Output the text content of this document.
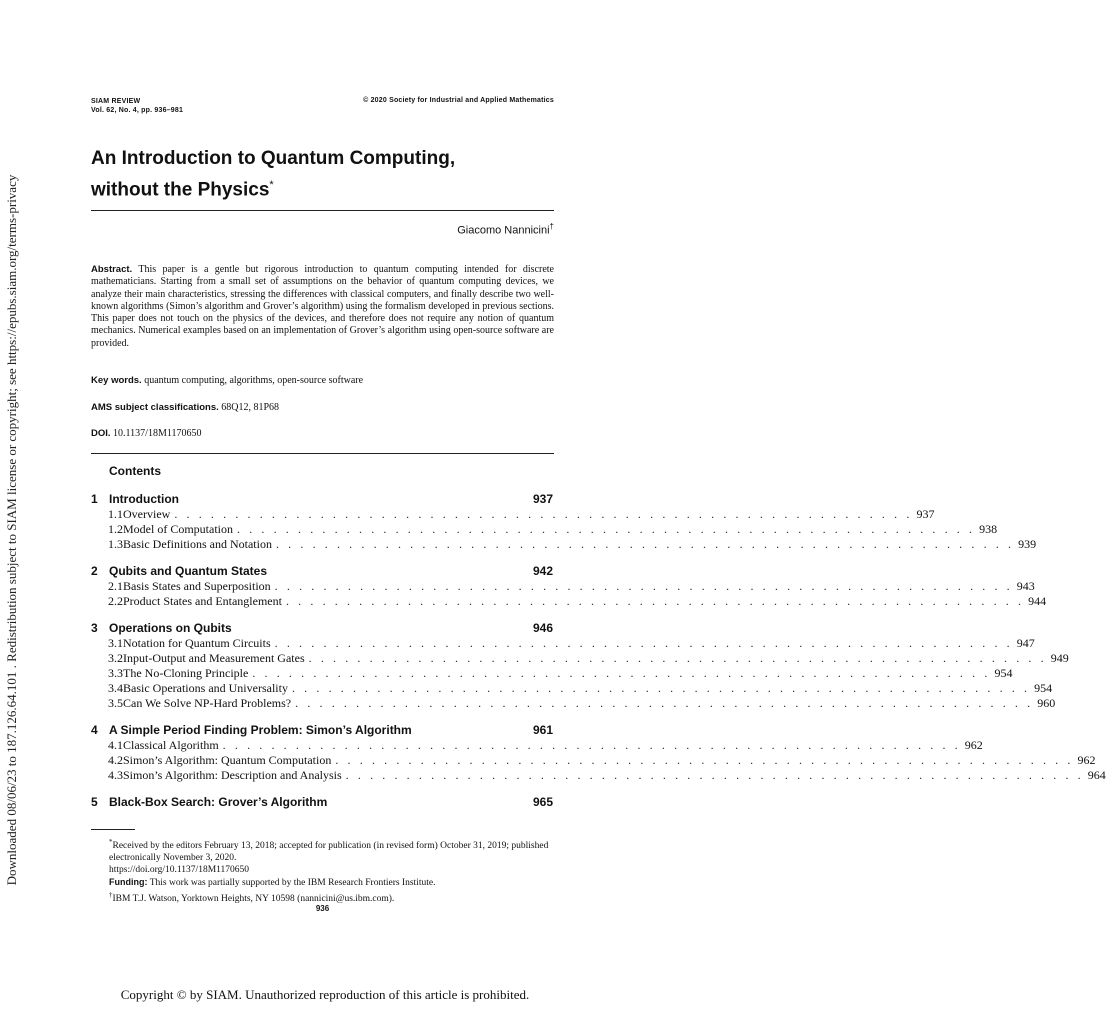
Downloaded 08/06/23 to 187.126.64.101 . Redistribution subject to SIAM license or copyright; see https://epubs.siam.org/terms-privacy
SIAM REVIEW
Vol. 62, No. 4, pp. 936–981
© 2020 Society for Industrial and Applied Mathematics
An Introduction to Quantum Computing,
without the Physics*
Giacomo Nannicini†
Abstract. This paper is a gentle but rigorous introduction to quantum computing intended for discrete mathematicians. Starting from a small set of assumptions on the behavior of quantum computing devices, we analyze their main characteristics, stressing the differences with classical computers, and finally describe two well-known algorithms (Simon’s algorithm and Grover’s algorithm) using the formalism developed in previous sections. This paper does not touch on the physics of the devices, and therefore does not require any notion of quantum mechanics. Numerical examples based on an implementation of Grover’s algorithm using open-source software are provided.
Key words. quantum computing, algorithms, open-source software
AMS subject classifications. 68Q12, 81P68
DOI. 10.1137/18M1170650
Contents
1 Introduction	937
1.1 Overview . . . . . . . . . . . . . . . . . . . . . . . . . . . . . . . . . . . . . . . . . . . . . . . . . . . . . . . . . . . . . 937
1.2 Model of Computation . . . . . . . . . . . . . . . . . . . . . . . . . . . . . . . . . . . . . . . . . . . . . . . . . . . . . . . . . . . . . 938
1.3 Basic Definitions and Notation . . . . . . . . . . . . . . . . . . . . . . . . . . . . . . . . . . . . . . . . . . . . . . . . . . . . . . . . . . . . . 939
2 Qubits and Quantum States	942
2.1 Basis States and Superposition . . . . . . . . . . . . . . . . . . . . . . . . . . . . . . . . . . . . . . . . . . . . . . . . . . . . . . . . . . . . . 943
2.2 Product States and Entanglement . . . . . . . . . . . . . . . . . . . . . . . . . . . . . . . . . . . . . . . . . . . . . . . . . . . . . . . . . . . . . 944
3 Operations on Qubits	946
3.1 Notation for Quantum Circuits . . . . . . . . . . . . . . . . . . . . . . . . . . . . . . . . . . . . . . . . . . . . . . . . . . . . . . . . . . . . . 947
3.2 Input-Output and Measurement Gates . . . . . . . . . . . . . . . . . . . . . . . . . . . . . . . . . . . . . . . . . . . . . . . . . . . . . . . . . . . . . 949
3.3 The No-Cloning Principle . . . . . . . . . . . . . . . . . . . . . . . . . . . . . . . . . . . . . . . . . . . . . . . . . . . . . . . . . . . . . 954
3.4 Basic Operations and Universality . . . . . . . . . . . . . . . . . . . . . . . . . . . . . . . . . . . . . . . . . . . . . . . . . . . . . . . . . . . . . 954
3.5 Can We Solve NP-Hard Problems? . . . . . . . . . . . . . . . . . . . . . . . . . . . . . . . . . . . . . . . . . . . . . . . . . . . . . . . . . . . . . 960
4 A Simple Period Finding Problem: Simon’s Algorithm	961
4.1 Classical Algorithm . . . . . . . . . . . . . . . . . . . . . . . . . . . . . . . . . . . . . . . . . . . . . . . . . . . . . . . . . . . . . 962
4.2 Simon’s Algorithm: Quantum Computation . . . . . . . . . . . . . . . . . . . . . . . . . . . . . . . . . . . . . . . . . . . . . . . . . . . . . . . . . . . . . 962
4.3 Simon’s Algorithm: Description and Analysis . . . . . . . . . . . . . . . . . . . . . . . . . . . . . . . . . . . . . . . . . . . . . . . . . . . . . . . . . . . . . 964
5 Black-Box Search: Grover’s Algorithm	965

*Received by the editors February 13, 2018; accepted for publication (in revised form) October 31, 2019; published electronically November 3, 2020.

https://doi.org/10.1137/18M1170650

Funding: This work was partially supported by the IBM Research Frontiers Institute.

†IBM T.J. Watson, Yorktown Heights, NY 10598 (nannicini@us.ibm.com).

936
Copyright © by SIAM. Unauthorized reproduction of this article is prohibited.
